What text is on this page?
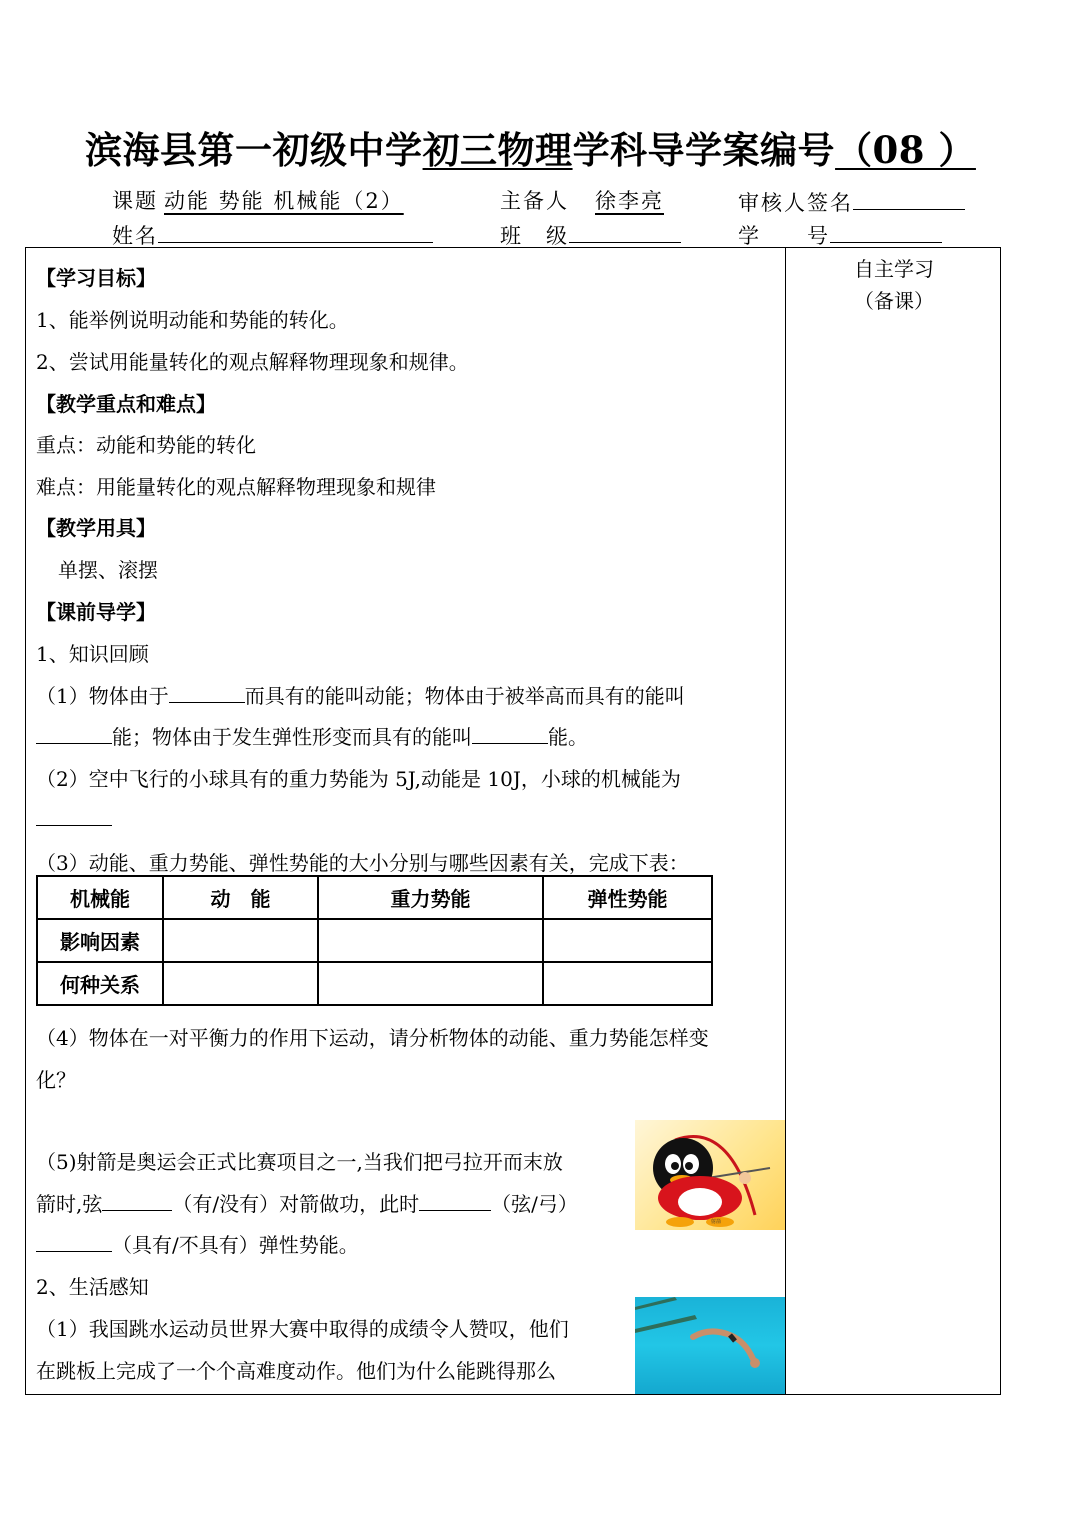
滨海县第一初级中学初三物理学科导学案编号（08 ）
课题 动能 势能 机械能（2）	主备人 徐李亮	审核人签名
姓名	班　级	学　　号
自主学习
（备课）
【学习目标】
1、能举例说明动能和势能的转化。
2、尝试用能量转化的观点解释物理现象和规律。
【教学重点和难点】
重点：动能和势能的转化
难点：用能量转化的观点解释物理现象和规律
【教学用具】
单摆、滚摆
【课前导学】
1、知识回顾
（1）物体由于	而具有的能叫动能；物体由于被举高而具有的能叫
能；物体由于发生弹性形变而具有的能叫	能。
（2）空中飞行的小球具有的重力势能为 5J,动能是 10J，小球的机械能为
（3）动能、重力势能、弹性势能的大小分别与哪些因素有关，完成下表：
机械能	动　能	重力势能	弹性势能
影响因素			
何种关系			
（4）物体在一对平衡力的作用下运动，请分析物体的动能、重力势能怎样变
化？
（5)射箭是奥运会正式比赛项目之一,当我们把弓拉开而末放
箭时,弦	（有/没有）对箭做功，此时	（弦/弓）
（具有/不具有）弹性势能。
2、生活感知
（1）我国跳水运动员世界大赛中取得的成绩令人赞叹，他们
在跳板上完成了一个个高难度动作。他们为什么能跳得那么
射箭
